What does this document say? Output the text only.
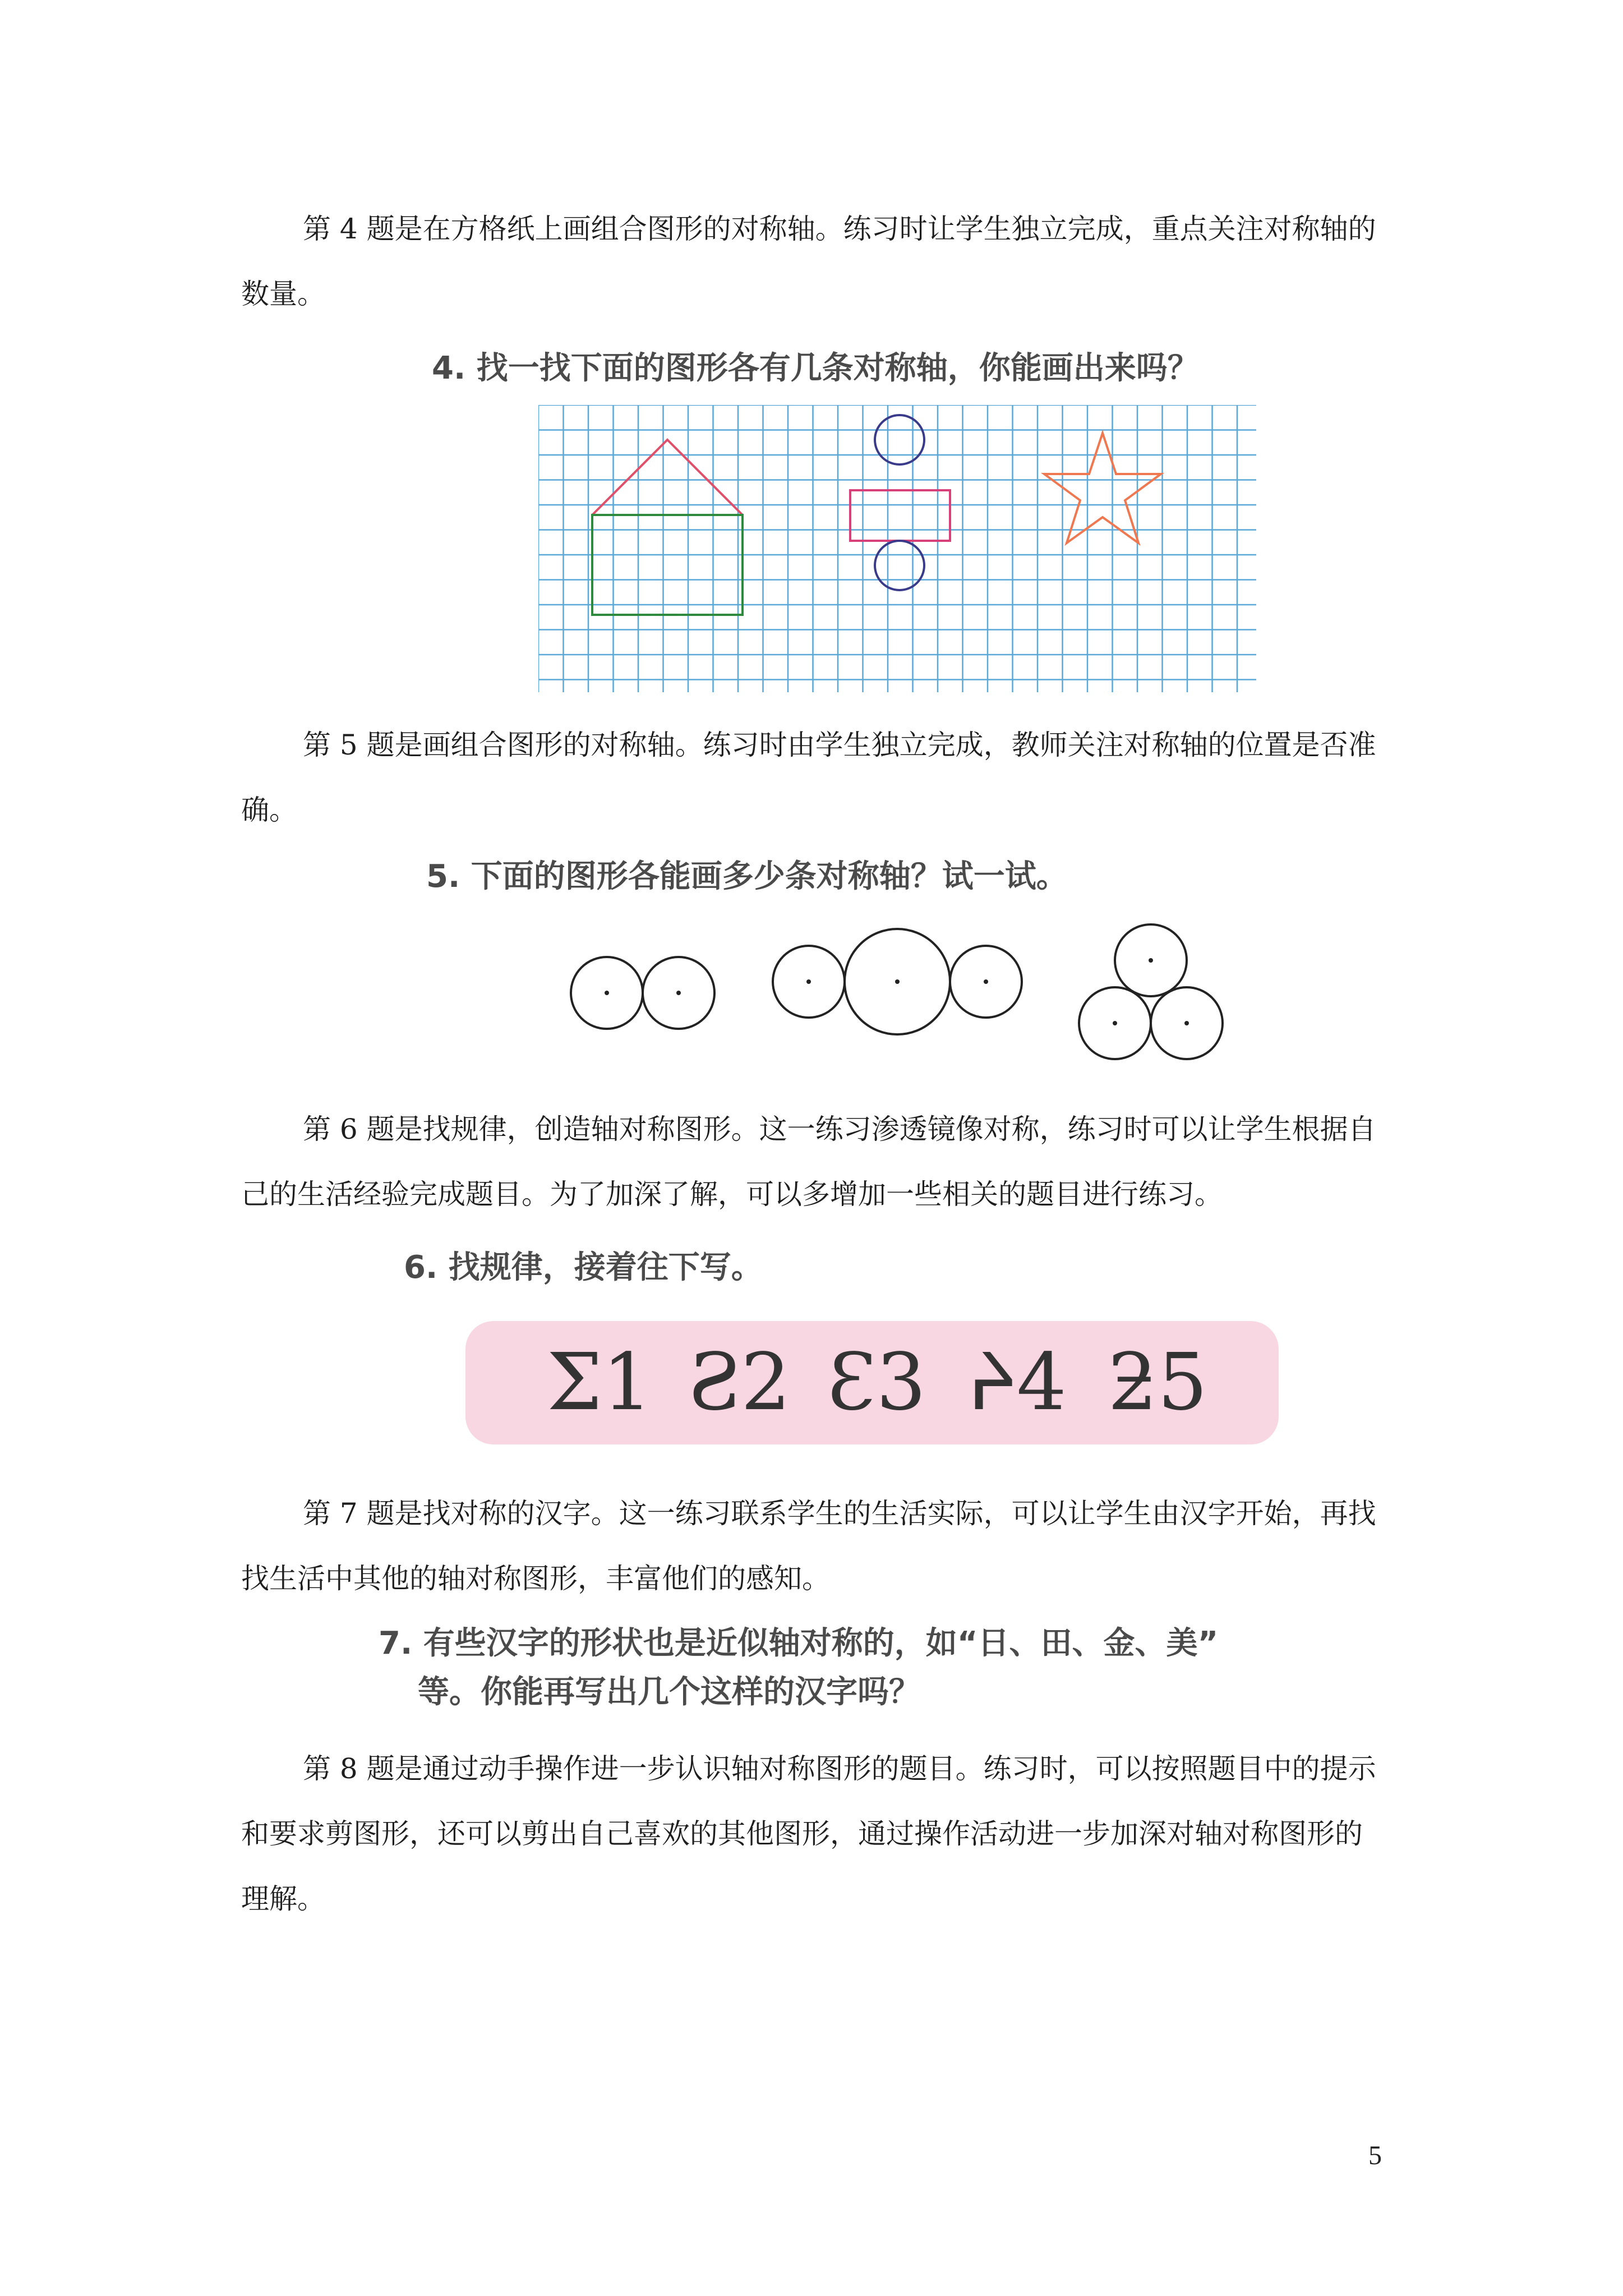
第 4 题是在方格纸上画组合图形的对称轴。练习时让学生独立完成，重点关注对称轴的数量。

4. 找一找下面的图形各有几条对称轴，你能画出来吗？

第 5 题是画组合图形的对称轴。练习时由学生独立完成，教师关注对称轴的位置是否准确。

5. 下面的图形各能画多少条对称轴？试一试。

第 6 题是找规律，创造轴对称图形。这一练习渗透镜像对称，练习时可以让学生根据自己的生活经验完成题目。为了加深了解，可以多增加一些相关的题目进行练习。

6. 找规律，接着往下写。

Ʃ1 Ƨ2 Ɛ3 ᔨ4 ƻ5

第 7 题是找对称的汉字。这一练习联系学生的生活实际，可以让学生由汉字开始，再找找生活中其他的轴对称图形，丰富他们的感知。

7. 有些汉字的形状也是近似轴对称的，如“日、田、金、美”

等。你能再写出几个这样的汉字吗？

第 8 题是通过动手操作进一步认识轴对称图形的题目。练习时，可以按照题目中的提示和要求剪图形，还可以剪出自己喜欢的其他图形，通过操作活动进一步加深对轴对称图形的理解。

5
